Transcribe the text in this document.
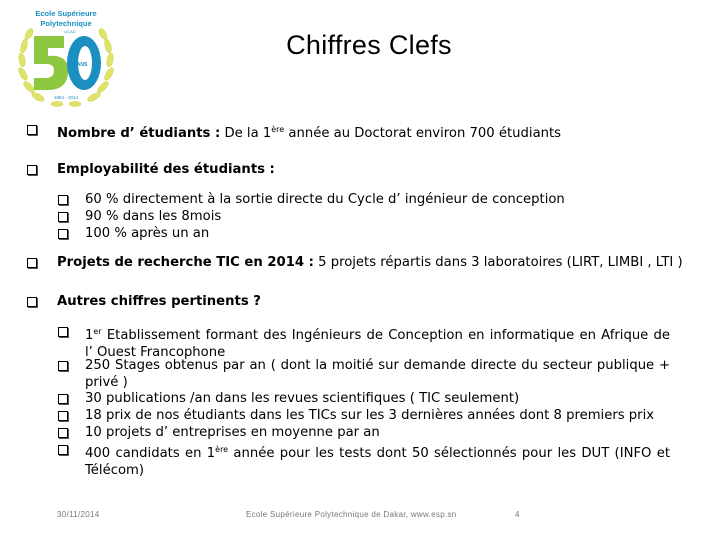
Ecole Supérieure
Polytechnique
UCAD
ANS
1964 - 2014
Chiffres Clefs
Nombre d’ étudiants : De la 1ère année au Doctorat environ 700 étudiants
Employabilité des étudiants :
60 % directement à la sortie directe du Cycle d’ ingénieur de conception
90 % dans les 8mois
100 % après un an
Projets de recherche TIC en 2014 : 5 projets répartis dans 3 laboratoires (LIRT, LIMBI , LTI )
Autres chiffres pertinents ?
1er Etablissement formant des Ingénieurs de Conception en informatique en Afrique de l’ Ouest Francophone
250 Stages obtenus par an ( dont la moitié sur demande directe du secteur publique + privé )
30 publications /an dans les revues scientifiques ( TIC seulement)
18 prix de nos étudiants dans les TICs sur les 3 dernières années dont 8 premiers prix
10 projets d’ entreprises en moyenne par an
400 candidats en 1ère année pour les tests dont 50 sélectionnés pour les DUT (INFO et Télécom)
30/11/2014	Ecole Supérieure Polytechnique de Dakar, www.esp.sn	4
